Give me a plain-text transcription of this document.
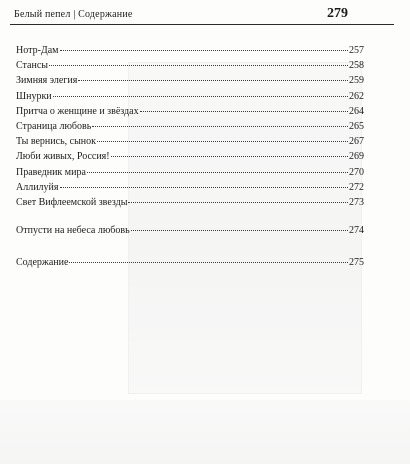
Белый пепел | Содержание	279
Нотр-Дам	257
Стансы	258
Зимняя элегия	259
Шнурки	262
Притча о женщине и звёздах	264
Страница любовь	265
Ты вернись, сынок	267
Люби живых, Россия!	269
Праведник мира	270
Аллилуйя	272
Свет Вифлеемской звезды	273
Отпусти на небеса любовь	274
Содержание	275
